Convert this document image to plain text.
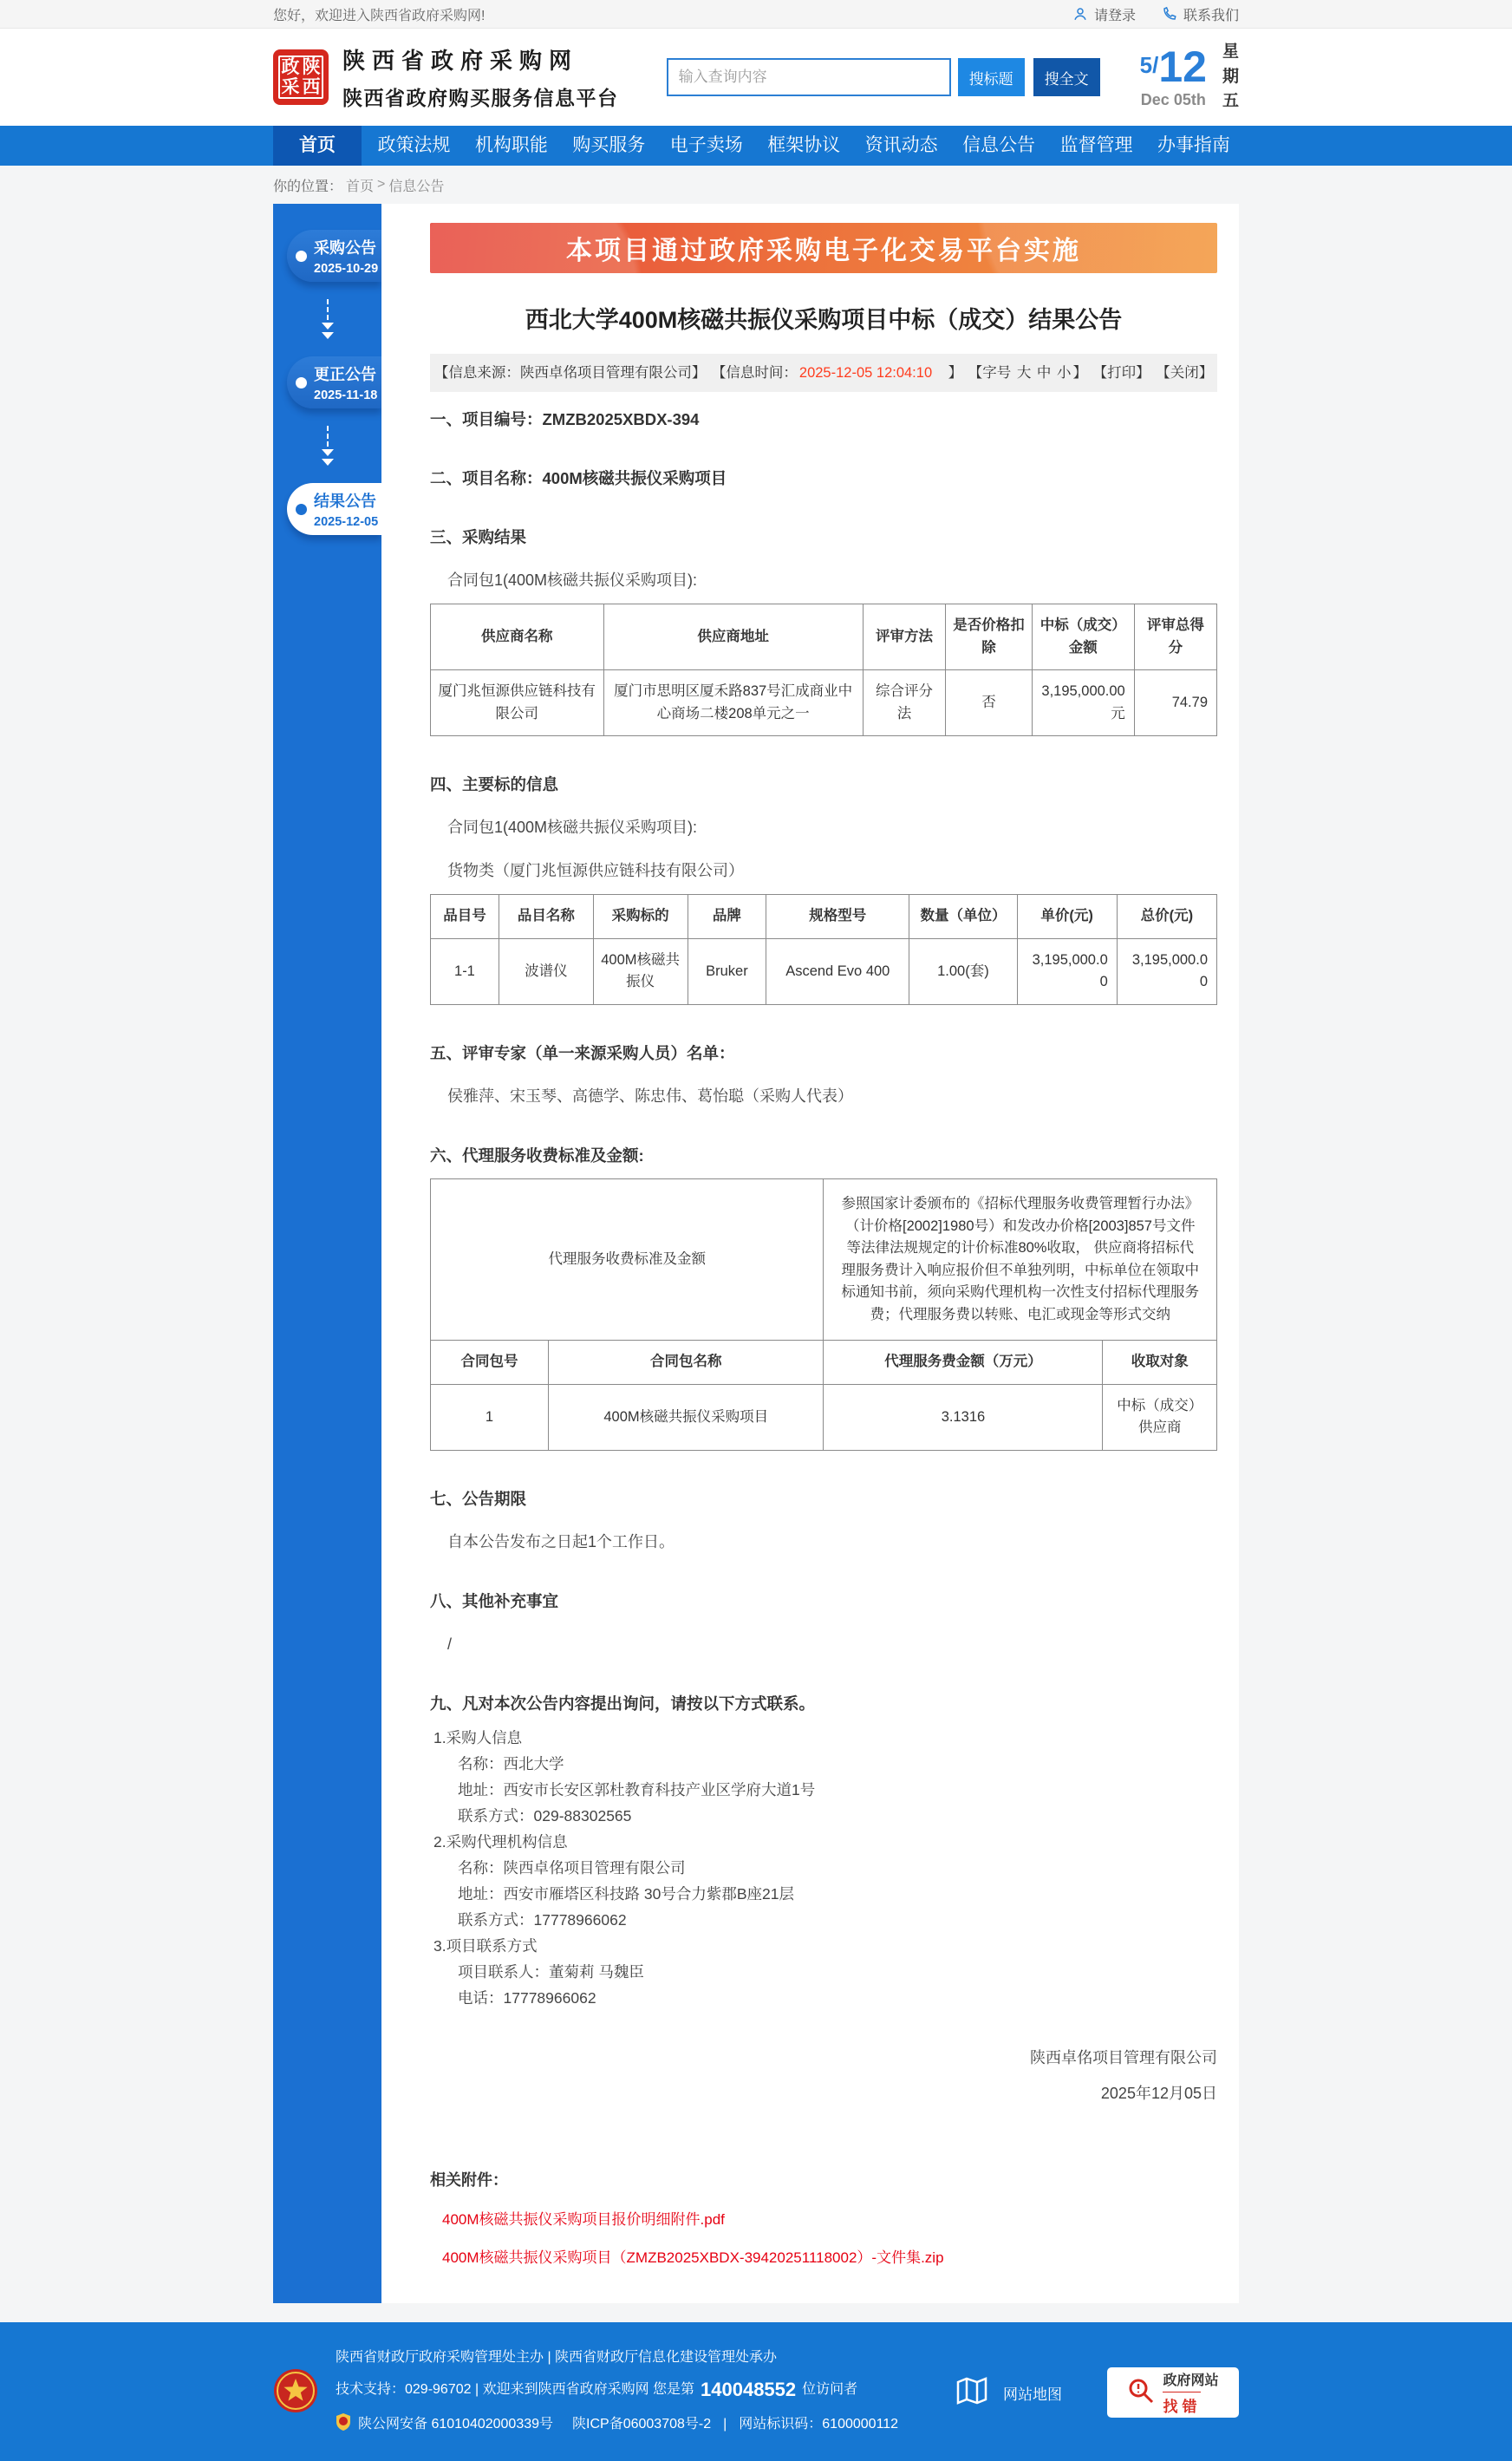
您好，欢迎进入陕西省政府采购网!	请登录	联系我们
政 陕
采 西
陕西省政府采购网
陕西省政府购买服务信息平台
输入查询内容
搜标题	搜全文
5/ 12
Dec 05th
星
期
五
首页	政策法规	机构职能	购买服务	电子卖场	框架协议	资讯动态	信息公告	监督管理	办事指南
你的位置： 首页 > 信息公告
采购公告
2025-10-29
更正公告
2025-11-18
结果公告
2025-12-05
本项目通过政府采购电子化交易平台实施
西北大学400M核磁共振仪采购项目中标（成交）结果公告
【信息来源：陕西卓佲项目管理有限公司】 【信息时间： 2025-12-05 12:04:10　】 【字号 大 中 小 】 【打印】 【关闭】
一、项目编号：ZMZB2025XBDX-394
二、项目名称：400M核磁共振仪采购项目
三、采购结果
合同包1(400M核磁共振仪采购项目):
供应商名称	供应商地址	评审方法	是否价格扣除	中标（成交）金额	评审总得分
厦门兆恒源供应链科技有限公司	厦门市思明区厦禾路837号汇成商业中心商场二楼208单元之一	综合评分法	否	3,195,000.00元	74.79
四、主要标的信息
合同包1(400M核磁共振仪采购项目):
货物类（厦门兆恒源供应链科技有限公司）
品目号	品目名称	采购标的	品牌	规格型号	数量（单位）	单价(元)	总价(元)
1-1	波谱仪	400M核磁共振仪	Bruker	Ascend Evo 400	1.00(套)	3,195,000.00	3,195,000.00
五、评审专家（单一来源采购人员）名单：
侯雅萍、宋玉琴、高德学、陈忠伟、葛怡聪（采购人代表）
六、代理服务收费标准及金额:
代理服务收费标准及金额		参照国家计委颁布的《招标代理服务收费管理暂行办法》（计价格[2002]1980号）和发改办价格[2003]857号文件等法律法规规定的计价标准80%收取， 供应商将招标代理服务费计入响应报价但不单独列明，中标单位在领取中标通知书前，须向采购代理机构一次性支付招标代理服务费；代理服务费以转账、电汇或现金等形式交纳	
合同包号	合同包名称	代理服务费金额（万元）	收取对象
1	400M核磁共振仪采购项目	3.1316	中标（成交）供应商
七、公告期限
自本公告发布之日起1个工作日。
八、其他补充事宜
/
九、凡对本次公告内容提出询问，请按以下方式联系。
1.采购人信息
名称：西北大学
地址：西安市长安区郭杜教育科技产业区学府大道1号
联系方式：029-88302565
2.采购代理机构信息
名称：陕西卓佲项目管理有限公司
地址：西安市雁塔区科技路 30号合力紫郡B座21层
联系方式：17778966062
3.项目联系方式
项目联系人：董菊莉 马魏臣
电话：17778966062
陕西卓佲项目管理有限公司
2025年12月05日
相关附件：
400M核磁共振仪采购项目报价明细附件.pdf
400M核磁共振仪采购项目（ZMZB2025XBDX-39420251118002）-文件集.zip
陕西省财政厅政府采购管理处主办 | 陕西省财政厅信息化建设管理处承办
技术支持：029-96702 | 欢迎来到陕西省政府采购网 您是第 140048552 位访问者
陕公网安备 61010402000339号 陕ICP备06003708号-2 | 网站标识码：6100000112
网站地图
政府网站
找错
